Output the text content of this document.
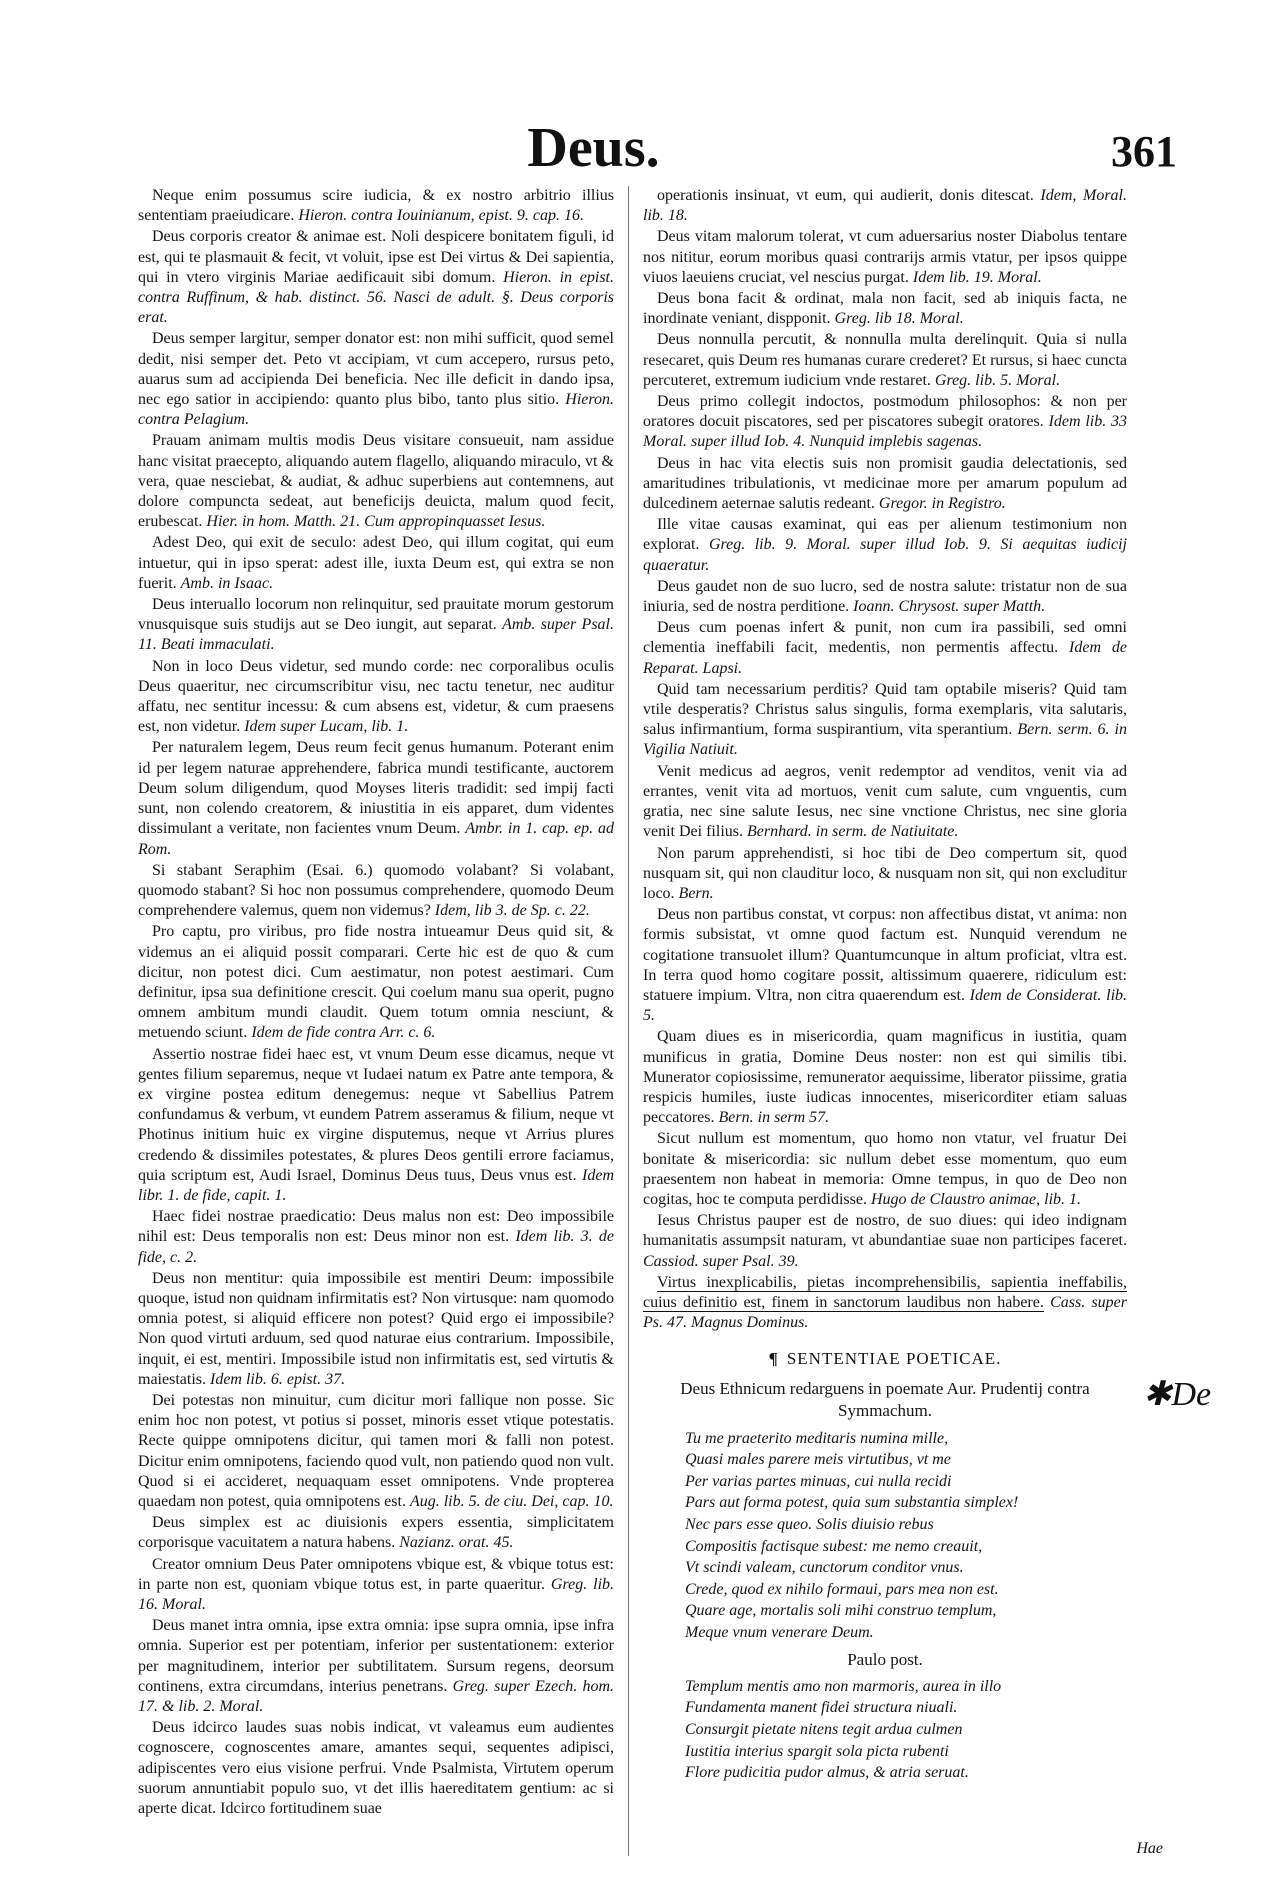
Deus.	361

Neque enim possumus scire iudicia, & ex nostro arbitrio illius sententiam praeiudicare. Hieron. contra Iouinianum, epist. 9. cap. 16.

Deus corporis creator & animae est. Noli despicere bonitatem figuli, id est, qui te plasmauit & fecit, vt voluit, ipse est Dei virtus & Dei sapientia, qui in vtero virginis Mariae aedificauit sibi domum. Hieron. in epist. contra Ruffinum, & hab. distinct. 56. Nasci de adult. §. Deus corporis erat.

Deus semper largitur, semper donator est: non mihi sufficit, quod semel dedit, nisi semper det. Peto vt accipiam, vt cum accepero, rursus peto, auarus sum ad accipienda Dei beneficia. Nec ille deficit in dando ipsa, nec ego satior in accipiendo: quanto plus bibo, tanto plus sitio. Hieron. contra Pelagium.

Prauam animam multis modis Deus visitare consueuit, nam assidue hanc visitat praecepto, aliquando autem flagello, aliquando miraculo, vt & vera, quae nesciebat, & audiat, & adhuc superbiens aut contemnens, aut dolore compuncta sedeat, aut beneficijs deuicta, malum quod fecit, erubescat. Hier. in hom. Matth. 21. Cum appropinquasset Iesus.

Adest Deo, qui exit de seculo: adest Deo, qui illum cogitat, qui eum intuetur, qui in ipso sperat: adest ille, iuxta Deum est, qui extra se non fuerit. Amb. in Isaac.

Deus interuallo locorum non relinquitur, sed prauitate morum gestorum vnusquisque suis studijs aut se Deo iungit, aut separat. Amb. super Psal. 11. Beati immaculati.

Non in loco Deus videtur, sed mundo corde: nec corporalibus oculis Deus quaeritur, nec circumscribitur visu, nec tactu tenetur, nec auditur affatu, nec sentitur incessu: & cum absens est, videtur, & cum praesens est, non videtur. Idem super Lucam, lib. 1.

Per naturalem legem, Deus reum fecit genus humanum. Poterant enim id per legem naturae apprehendere, fabrica mundi testificante, auctorem Deum solum diligendum, quod Moyses literis tradidit: sed impij facti sunt, non colendo creatorem, & iniustitia in eis apparet, dum videntes dissimulant a veritate, non facientes vnum Deum. Ambr. in 1. cap. ep. ad Rom.

Si stabant Seraphim (Esai. 6.) quomodo volabant? Si volabant, quomodo stabant? Si hoc non possumus comprehendere, quomodo Deum comprehendere valemus, quem non videmus? Idem, lib 3. de Sp. c. 22.

Pro captu, pro viribus, pro fide nostra intueamur Deus quid sit, & videmus an ei aliquid possit comparari. Certe hic est de quo & cum dicitur, non potest dici. Cum aestimatur, non potest aestimari. Cum definitur, ipsa sua definitione crescit. Qui coelum manu sua operit, pugno omnem ambitum mundi claudit. Quem totum omnia nesciunt, & metuendo sciunt. Idem de fide contra Arr. c. 6.

Assertio nostrae fidei haec est, vt vnum Deum esse dicamus, neque vt gentes filium separemus, neque vt Iudaei natum ex Patre ante tempora, & ex virgine postea editum denegemus: neque vt Sabellius Patrem confundamus & verbum, vt eundem Patrem asseramus & filium, neque vt Photinus initium huic ex virgine disputemus, neque vt Arrius plures credendo & dissimiles potestates, & plures Deos gentili errore faciamus, quia scriptum est, Audi Israel, Dominus Deus tuus, Deus vnus est. Idem libr. 1. de fide, capit. 1.

Haec fidei nostrae praedicatio: Deus malus non est: Deo impossibile nihil est: Deus temporalis non est: Deus minor non est. Idem lib. 3. de fide, c. 2.

Deus non mentitur: quia impossibile est mentiri Deum: impossibile quoque, istud non quidnam infirmitatis est? Non virtusque: nam quomodo omnia potest, si aliquid efficere non potest? Quid ergo ei impossibile? Non quod virtuti arduum, sed quod naturae eius contrarium. Impossibile, inquit, ei est, mentiri. Impossibile istud non infirmitatis est, sed virtutis & maiestatis. Idem lib. 6. epist. 37.

Dei potestas non minuitur, cum dicitur mori fallique non posse. Sic enim hoc non potest, vt potius si posset, minoris esset vtique potestatis. Recte quippe omnipotens dicitur, qui tamen mori & falli non potest. Dicitur enim omnipotens, faciendo quod vult, non patiendo quod non vult. Quod si ei accideret, nequaquam esset omnipotens. Vnde propterea quaedam non potest, quia omnipotens est. Aug. lib. 5. de ciu. Dei, cap. 10.

Deus simplex est ac diuisionis expers essentia, simplicitatem corporisque vacuitatem a natura habens. Nazianz. orat. 45.

Creator omnium Deus Pater omnipotens vbique est, & vbique totus est: in parte non est, quoniam vbique totus est, in parte quaeritur. Greg. lib. 16. Moral.

Deus manet intra omnia, ipse extra omnia: ipse supra omnia, ipse infra omnia. Superior est per potentiam, inferior per sustentationem: exterior per magnitudinem, interior per subtilitatem. Sursum regens, deorsum continens, extra circumdans, interius penetrans. Greg. super Ezech. hom. 17. & lib. 2. Moral.

Deus idcirco laudes suas nobis indicat, vt valeamus eum audientes cognoscere, cognoscentes amare, amantes sequi, sequentes adipisci, adipiscentes vero eius visione perfrui. Vnde Psalmista, Virtutem operum suorum annuntiabit populo suo, vt det illis haereditatem gentium: ac si aperte dicat. Idcirco fortitudinem suae

operationis insinuat, vt eum, qui audierit, donis ditescat. Idem, Moral. lib. 18.

Deus vitam malorum tolerat, vt cum aduersarius noster Diabolus tentare nos nititur, eorum moribus quasi contrarijs armis vtatur, per ipsos quippe viuos laeuiens cruciat, vel nescius purgat. Idem lib. 19. Moral.

Deus bona facit & ordinat, mala non facit, sed ab iniquis facta, ne inordinate veniant, dispponit. Greg. lib 18. Moral.

Deus nonnulla percutit, & nonnulla multa derelinquit. Quia si nulla resecaret, quis Deum res humanas curare crederet? Et rursus, si haec cuncta percuteret, extremum iudicium vnde restaret. Greg. lib. 5. Moral.

Deus primo collegit indoctos, postmodum philosophos: & non per oratores docuit piscatores, sed per piscatores subegit oratores. Idem lib. 33 Moral. super illud Iob. 4. Nunquid implebis sagenas.

Deus in hac vita electis suis non promisit gaudia delectationis, sed amaritudines tribulationis, vt medicinae more per amarum populum ad dulcedinem aeternae salutis redeant. Gregor. in Registro.

Ille vitae causas examinat, qui eas per alienum testimonium non explorat. Greg. lib. 9. Moral. super illud Iob. 9. Si aequitas iudicij quaeratur.

Deus gaudet non de suo lucro, sed de nostra salute: tristatur non de sua iniuria, sed de nostra perditione. Ioann. Chrysost. super Matth.

Deus cum poenas infert & punit, non cum ira passibili, sed omni clementia ineffabili facit, medentis, non permentis affectu. Idem de Reparat. Lapsi.

Quid tam necessarium perditis? Quid tam optabile miseris? Quid tam vtile desperatis? Christus salus singulis, forma exemplaris, vita salutaris, salus infirmantium, forma suspirantium, vita sperantium. Bern. serm. 6. in Vigilia Natiuit.

Venit medicus ad aegros, venit redemptor ad venditos, venit via ad errantes, venit vita ad mortuos, venit cum salute, cum vnguentis, cum gratia, nec sine salute Iesus, nec sine vnctione Christus, nec sine gloria venit Dei filius. Bernhard. in serm. de Natiuitate.

Non parum apprehendisti, si hoc tibi de Deo compertum sit, quod nusquam sit, qui non clauditur loco, & nusquam non sit, qui non excluditur loco. Bern.

Deus non partibus constat, vt corpus: non affectibus distat, vt anima: non formis subsistat, vt omne quod factum est. Nunquid verendum ne cogitatione transuolet illum? Quantumcunque in altum proficiat, vltra est. In terra quod homo cogitare possit, altissimum quaerere, ridiculum est: statuere impium. Vltra, non citra quaerendum est. Idem de Considerat. lib. 5.

Quam diues es in misericordia, quam magnificus in iustitia, quam munificus in gratia, Domine Deus noster: non est qui similis tibi. Munerator copiosissime, remunerator aequissime, liberator piissime, gratia respicis humiles, iuste iudicas innocentes, misericorditer etiam saluas peccatores. Bern. in serm 57.

Sicut nullum est momentum, quo homo non vtatur, vel fruatur Dei bonitate & misericordia: sic nullum debet esse momentum, quo eum praesentem non habeat in memoria: Omne tempus, in quo de Deo non cogitas, hoc te computa perdidisse. Hugo de Claustro animae, lib. 1.

Iesus Christus pauper est de nostro, de suo diues: qui ideo indignam humanitatis assumpsit naturam, vt abundantiae suae non participes faceret. Cassiod. super Psal. 39.

Virtus inexplicabilis, pietas incomprehensibilis, sapientia ineffabilis, cuius definitio est, finem in sanctorum laudibus non habere. Cass. super Ps. 47. Magnus Dominus.

¶ SENTENTIAE POETICAE.
Deus Ethnicum redarguens in poemate Aur. Prudentij contra Symmachum.
Tu me praeterito meditaris numina mille,
Quasi males parere meis virtutibus, vt me
Per varias partes minuas, cui nulla recidi
Pars aut forma potest, quia sum substantia simplex!
Nec pars esse queo. Solis diuisio rebus
Compositis factisque subest: me nemo creauit,
Vt scindi valeam, cunctorum conditor vnus.
Crede, quod ex nihilo formaui, pars mea non est.
Quare age, mortalis soli mihi construo templum,
Meque vnum venerare Deum.
Paulo post.
Templum mentis amo non marmoris, aurea in illo
Fundamenta manent fidei structura niuali.
Consurgit pietate nitens tegit ardua culmen
Iustitia interius spargit sola picta rubenti
Flore pudicitia pudor almus, & atria seruat.
✱De
Hae
